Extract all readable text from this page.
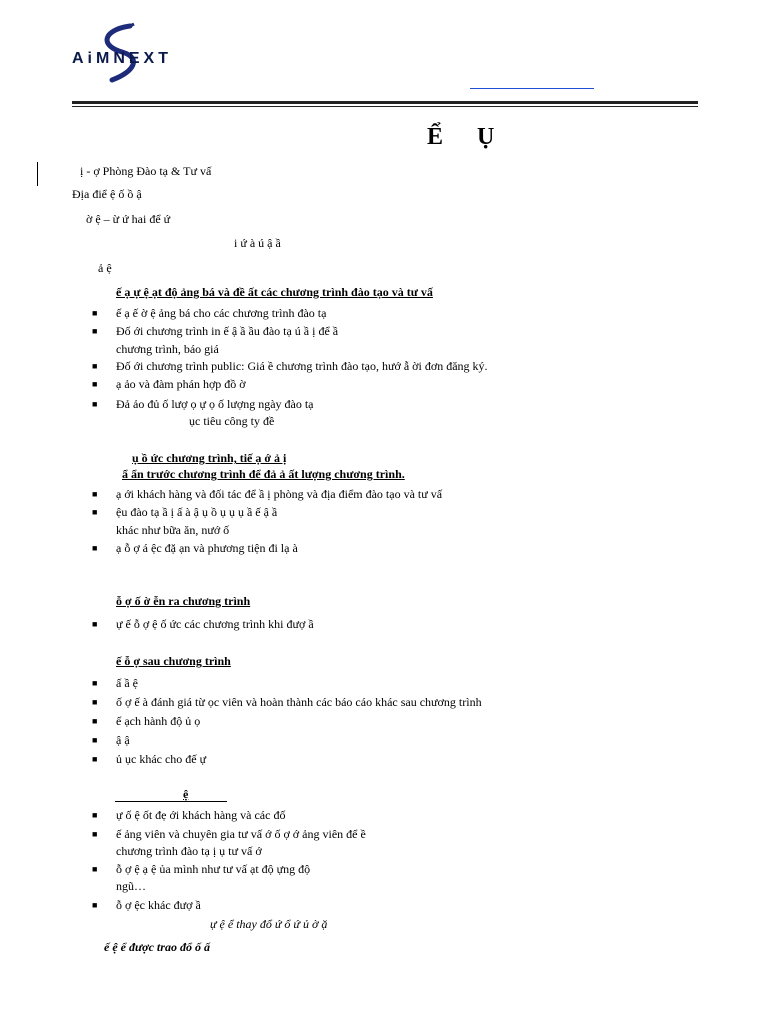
AiMNEXT
Ể Ụ
ị - ợ Phòng Đào tạ & Tư vấ
Địa điể ệ ố ồ ậ
ờ ệ – ừ ứ hai để ứ
i ứ à ú ậ ầ
ả ệ
ế ạ ự ệ ạt độ ảng bá và đề ất các chương trình đào tạo và tư vấ
ụ ồ ức chương trình, tiế ạ ớ ả ị
ẩ ẩn trước chương trình để đả ả ất lượng chương trình.
ỗ ợ ố ờ ễn ra chương trình
ế ỗ ợ sau chương trình
ệ
chương trình, báo giá
ục tiêu công ty đề
khác như bữa ăn, nướ ố
chương trình đào tạ ị ụ tư vấ ớ
ngũ…
■ ế ạ ế ờ ệ ảng bá cho các chương trình đào tạ
■ Đố ới chương trình in ế ậ ầ ầu đào tạ ú ầ ị để ầ
■ Đố ới chương trình public: Giá ề chương trình đào tạo, hướ ẫ ời đơn đăng ký.
■ ạ ảo và đàm phán hợp đồ ờ
■ Đả ảo đủ ố lượ ọ ự ọ ố lượng ngày đào tạ
■ ạ ới khách hàng và đối tác để ầ ị phòng và địa điểm đào tạo và tư vấ
■ ệu đào tạ ầ ị ấ à ậ ụ ồ ụ ụ ụ ầ ế ậ ầ
■ ạ ỗ ợ á ệc đặ ạn và phương tiện đi lạ à
■ ự ế ỗ ợ ệ ố ức các chương trình khi đượ ầ
■ ấ ầ ệ
■ ố ợ ế à đánh giá từ ọc viên và hoàn thành các báo cáo khác sau chương trình
■ ế ạch hành độ ủ ọ
■ ậ ậ
■ ủ ục khác cho đế ự
■ ự ố ệ ốt đẹ ới khách hàng và các đố
■ ế ảng viên và chuyên gia tư vấ ớ ố ợ ớ ảng viên để ề
■ ỗ ợ ệ ạ ệ ủa mình như tư vấ ạt độ ựng độ
■ ỗ ợ ệc khác đượ ầ
ự ệ ể thay đổ ứ ổ ứ ủ ờ ặ
ế ệ ể được trao đổ ố ấ
